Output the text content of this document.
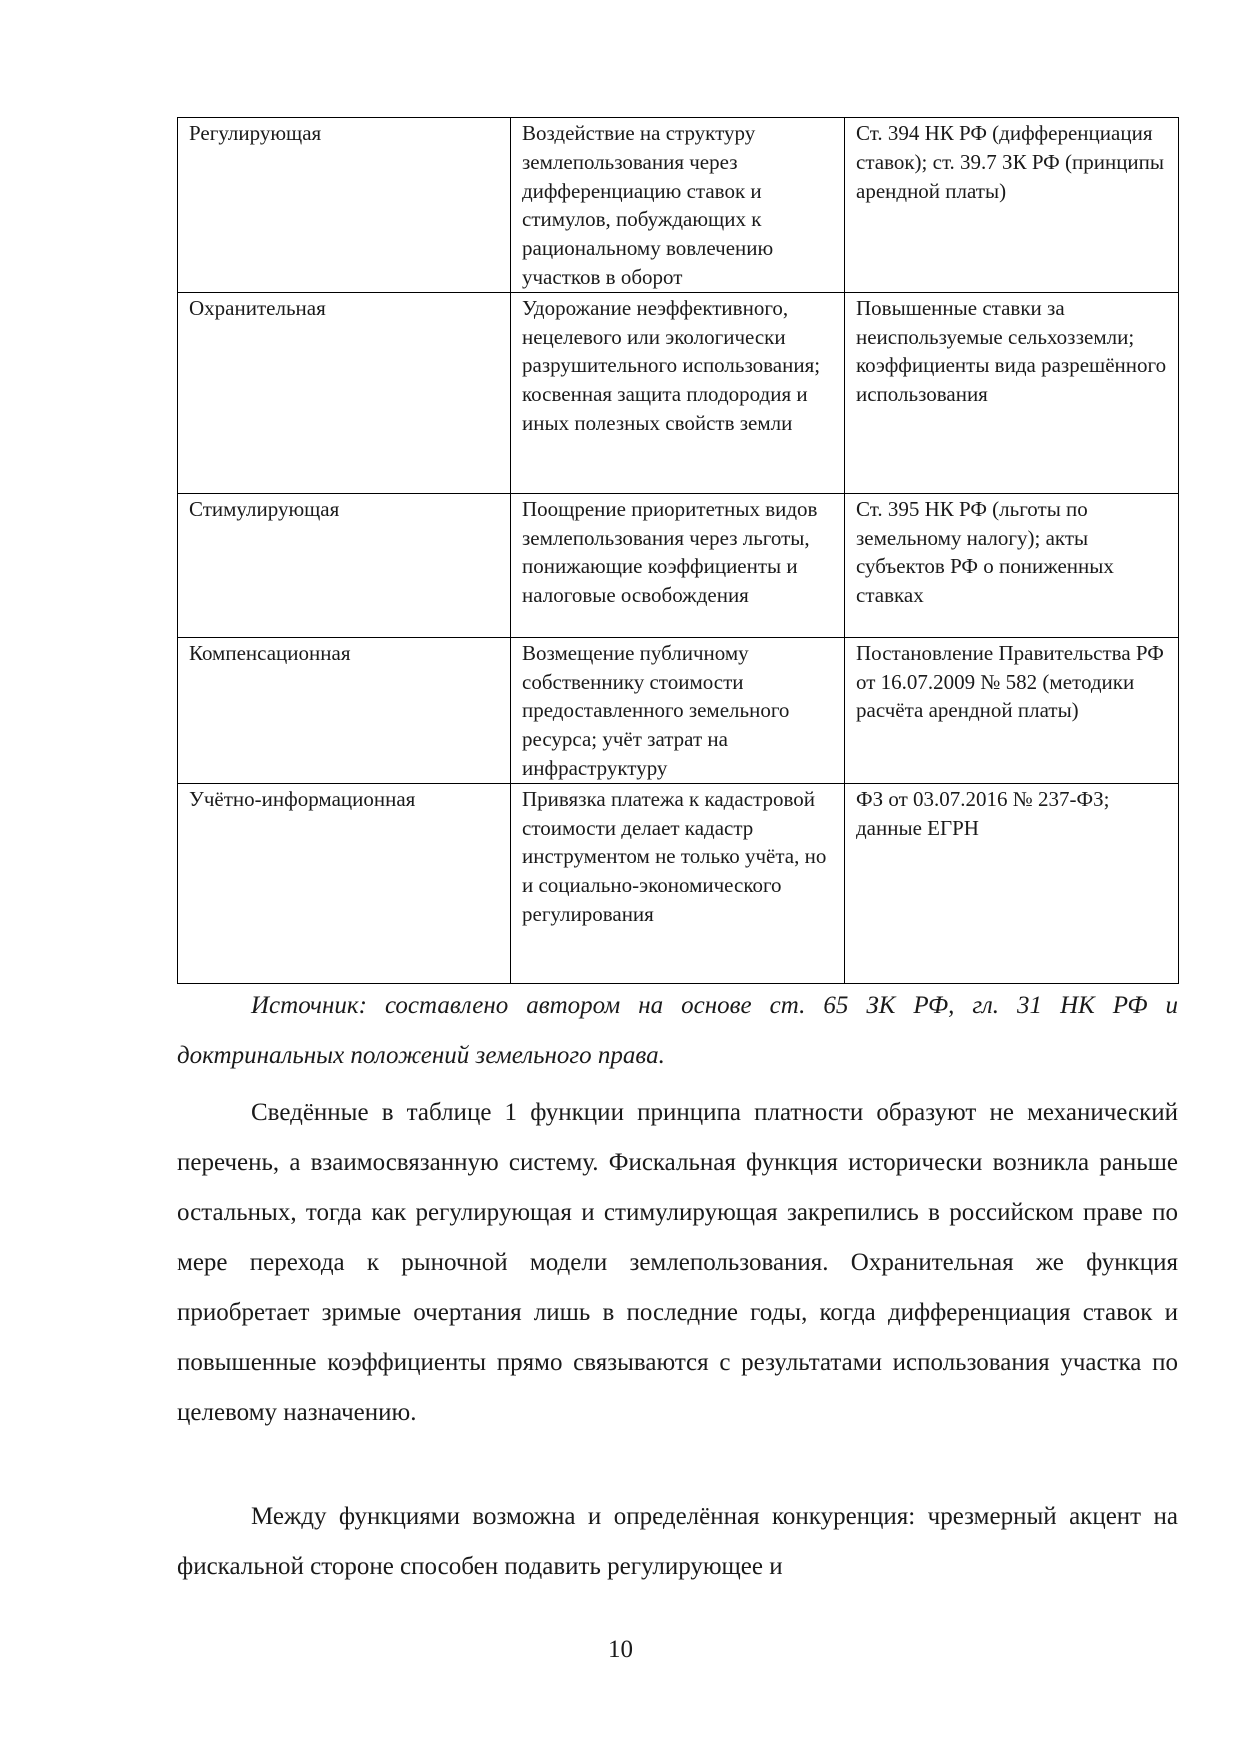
Регулирующая	Воздействие на структуру землепользования через дифференциацию ставок и стимулов, побуждающих к рациональному вовлечению участков в оборот	Ст. 394 НК РФ (дифференциация ставок); ст. 39.7 ЗК РФ (принципы арендной платы)
Охранительная	Удорожание неэффективного, нецелевого или экологически разрушительного использования; косвенная защита плодородия и иных полезных свойств земли	Повышенные ставки за неиспользуемые сельхозземли; коэффициенты вида разрешённого использования
Стимулирующая	Поощрение приоритетных видов землепользования через льготы, понижающие коэффициенты и налоговые освобождения	Ст. 395 НК РФ (льготы по земельному налогу); акты субъектов РФ о пониженных ставках
Компенсационная	Возмещение публичному собственнику стоимости предоставленного земельного ресурса; учёт затрат на инфраструктуру	Постановление Правительства РФ от 16.07.2009 № 582 (методики расчёта арендной платы)
Учётно-информационная	Привязка платежа к кадастровой стоимости делает кадастр инструментом не только учёта, но и социально-экономического регулирования	ФЗ от 03.07.2016 № 237-ФЗ; данные ЕГРН

Источник: составлено автором на основе ст. 65 ЗК РФ, гл. 31 НК РФ и доктринальных положений земельного права.

Сведённые в таблице 1 функции принципа платности образуют не механический перечень, а взаимосвязанную систему. Фискальная функция исторически возникла раньше остальных, тогда как регулирующая и стимулирующая закрепились в российском праве по мере перехода к рыночной модели землепользования. Охранительная же функция приобретает зримые очертания лишь в последние годы, когда дифференциация ставок и повышенные коэффициенты прямо связываются с результатами использования участка по целевому назначению.

Между функциями возможна и определённая конкуренция: чрезмерный акцент на фискальной стороне способен подавить регулирующее и

10
